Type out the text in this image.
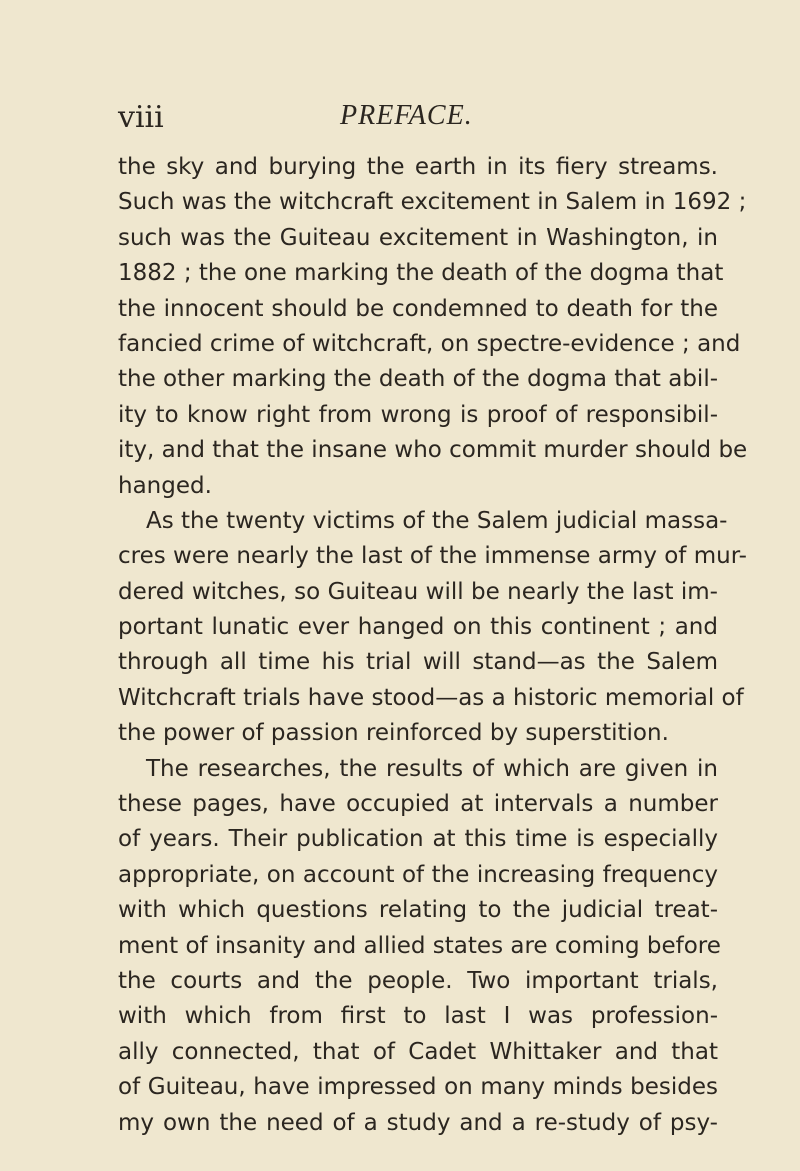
viii	PREFACE.
the sky and burying the earth in its fiery streams.
Such was the witchcraft excitement in Salem in 1692 ;
such was the Guiteau excitement in Washington, in
1882 ; the one marking the death of the dogma that
the innocent should be condemned to death for the
fancied crime of witchcraft, on spectre-evidence ; and
the other marking the death of the dogma that abil-
ity to know right from wrong is proof of responsibil-
ity, and that the insane who commit murder should be
hanged.
As the twenty victims of the Salem judicial massa-
cres were nearly the last of the immense army of mur-
dered witches, so Guiteau will be nearly the last im-
portant lunatic ever hanged on this continent ; and
through all time his trial will stand—as the Salem
Witchcraft trials have stood—as a historic memorial of
the power of passion reinforced by superstition.
The researches, the results of which are given in
these pages, have occupied at intervals a number
of years. Their publication at this time is especially
appropriate, on account of the increasing frequency
with which questions relating to the judicial treat-
ment of insanity and allied states are coming before
the courts and the people. Two important trials,
with which from first to last I was profession-
ally connected, that of Cadet Whittaker and that
of Guiteau, have impressed on many minds besides
my own the need of a study and a re-study of psy-
